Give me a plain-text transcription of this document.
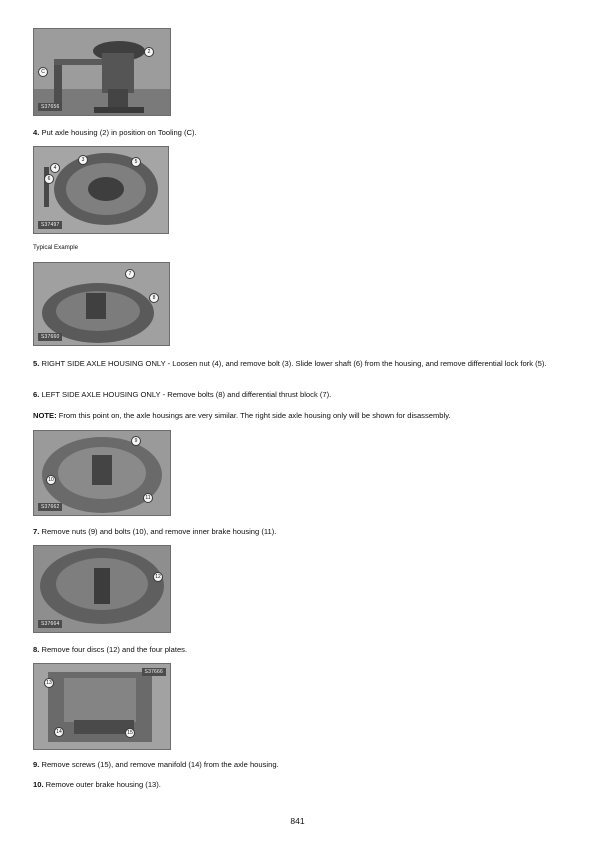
2
C
S37656

4. Put axle housing (2) in position on Tooling (C).

3
4
5
6
S37497
Typical Example
7
8
S37660

5. RIGHT SIDE AXLE HOUSING ONLY - Loosen nut (4), and remove bolt (3). Slide lower shaft (6) from the housing, and remove differential lock fork (5).

6. LEFT SIDE AXLE HOUSING ONLY - Remove bolts (8) and differential thrust block (7).

NOTE: From this point on, the axle housings are very similar. The right side axle housing only will be shown for disassembly.

9
10
11
S37662

7. Remove nuts (9) and bolts (10), and remove inner brake housing (11).

12
S37664

8. Remove four discs (12) and the four plates.

S37666
13
14	15

9. Remove screws (15), and remove manifold (14) from the axle housing.

10. Remove outer brake housing (13).

841
